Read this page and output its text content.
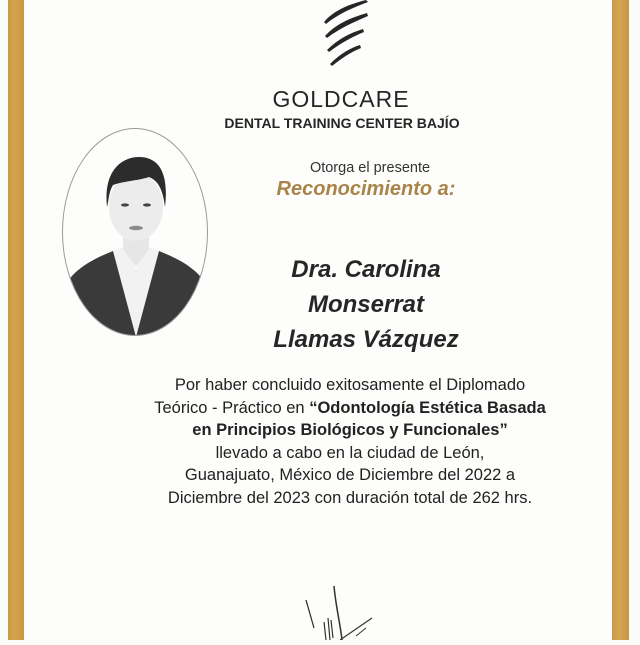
GOLDCARE
DENTAL TRAINING CENTER BAJÍO
Otorga el presente
Reconocimiento a:
Dra. Carolina Monserrat
Llamas Vázquez
Por haber concluido exitosamente el Diplomado
Teórico - Práctico en “Odontología Estética Basada
en Principios Biológicos y Funcionales”
llevado a cabo en la ciudad de León,
Guanajuato, México de Diciembre del 2022 a
Diciembre del 2023 con duración total de 262 hrs.
